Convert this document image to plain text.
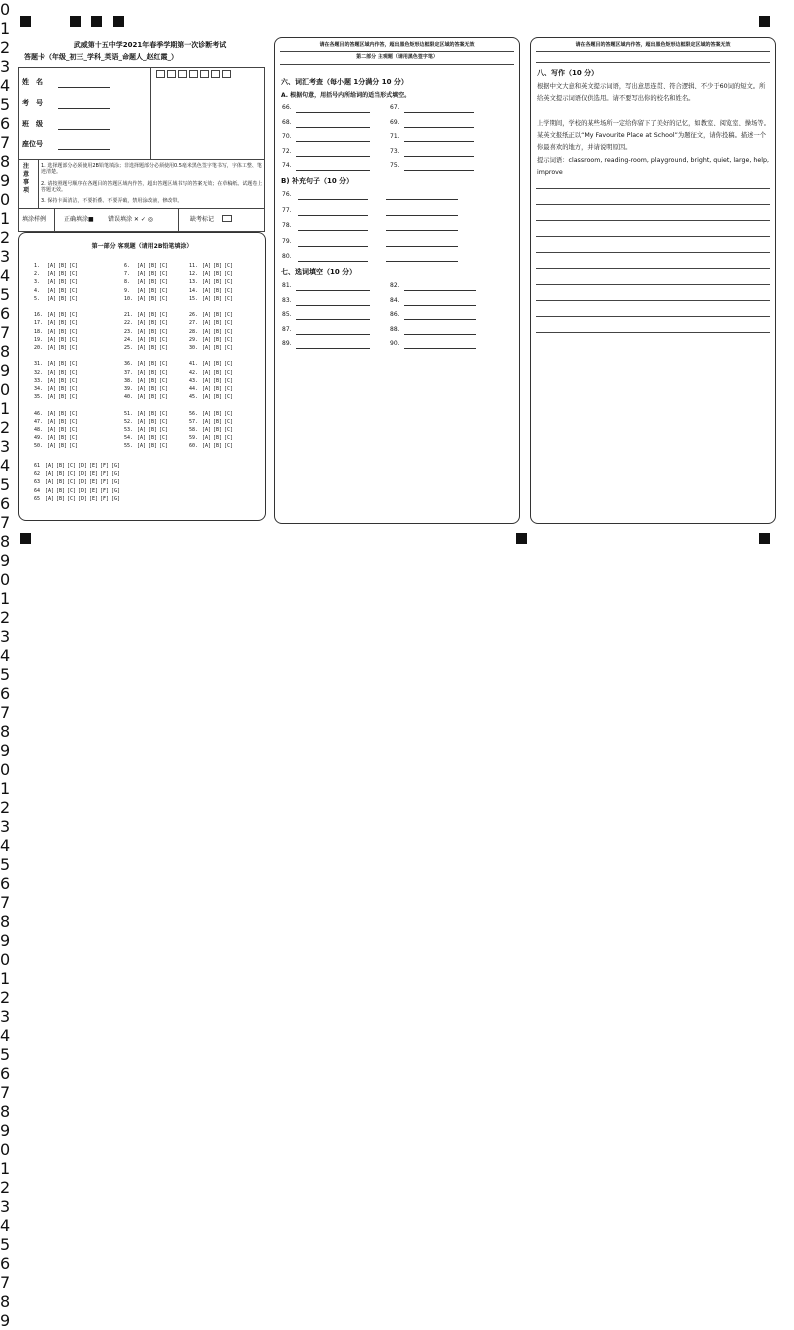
武威第十五中学2021年春季学期第一次诊断考试
答题卡（年级_初三_学科_英语_命题人_赵红霞_）
姓　名
考　号
班　级
座位号
注意事项
1. 选择题部分必须使用2B铅笔填涂；非选择题部分必须使用0.5毫米黑色签字笔书写，字体工整、笔迹清楚。
2. 请按照题号顺序在各题目的答题区域内作答，超出答题区域书写的答案无效；在草稿纸、试题卷上答题无效。
3. 保持卡面清洁，不要折叠、不要弄破，禁用涂改液，修改带。
填涂样例	正确填涂■ 错误填涂 ✕ ✓ ◎	缺考标记
第一部分 客观题（请用2B铅笔填涂）
请在各题目的答题区域内作答，超出黑色矩形边框限定区域的答案无效
第二部分 主观题（请用黑色签字笔）
六、词汇考查（每小题 1分满分 10 分）
A. 根据句意，用括号内所给词的适当形式填空。
B) 补充句子（10 分）
七、选词填空（10 分）
请在各题目的答题区域内作答，超出黑色矩形边框限定区域的答案无效
八、写作（10 分）
根据中文大意和英文提示词语，写出意思连贯、符合逻辑、不少于60词的短文。所给英文提示词语仅供选用。请不要写出你的校名和姓名。
上学期间，学校的某些场所一定给你留下了美好的记忆，如教室、阅览室、操场等。某英文报纸正以“My Favourite Place at School”为题征文，请你投稿。描述一个你最喜欢的地方，并请说明原因。
提示词语：classroom, reading-room, playground, bright, quiet, large, help, improve
0
1
2
3
4
5
6
7
8
9
0
1
2
3
4
5
6
7
8
9
0
1
2
3
4
5
6
7
8
9
0
1
2
3
4
5
6
7
8
9
0
1
2
3
4
5
6
7
8
9
0
1
2
3
4
5
6
7
8
9
0
1
2
3
4
5
6
7
8
9
1. [A] [B] [C]
2. [A] [B] [C]
3. [A] [B] [C]
4. [A] [B] [C]
5. [A] [B] [C]
16. [A] [B] [C]
17. [A] [B] [C]
18. [A] [B] [C]
19. [A] [B] [C]
20. [A] [B] [C]
31. [A] [B] [C]
32. [A] [B] [C]
33. [A] [B] [C]
34. [A] [B] [C]
35. [A] [B] [C]
46. [A] [B] [C]
47. [A] [B] [C]
48. [A] [B] [C]
49. [A] [B] [C]
50. [A] [B] [C]
6. [A] [B] [C]
7. [A] [B] [C]
8. [A] [B] [C]
9. [A] [B] [C]
10. [A] [B] [C]
21. [A] [B] [C]
22. [A] [B] [C]
23. [A] [B] [C]
24. [A] [B] [C]
25. [A] [B] [C]
36. [A] [B] [C]
37. [A] [B] [C]
38. [A] [B] [C]
39. [A] [B] [C]
40. [A] [B] [C]
51. [A] [B] [C]
52. [A] [B] [C]
53. [A] [B] [C]
54. [A] [B] [C]
55. [A] [B] [C]
11. [A] [B] [C]
12. [A] [B] [C]
13. [A] [B] [C]
14. [A] [B] [C]
15. [A] [B] [C]
26. [A] [B] [C]
27. [A] [B] [C]
28. [A] [B] [C]
29. [A] [B] [C]
30. [A] [B] [C]
41. [A] [B] [C]
42. [A] [B] [C]
43. [A] [B] [C]
44. [A] [B] [C]
45. [A] [B] [C]
56. [A] [B] [C]
57. [A] [B] [C]
58. [A] [B] [C]
59. [A] [B] [C]
60. [A] [B] [C]
61 [A] [B] [C] [D] [E] [F] [G]
62 [A] [B] [C] [D] [E] [F] [G]
63 [A] [B] [C] [D] [E] [F] [G]
64 [A] [B] [C] [D] [E] [F] [G]
65 [A] [B] [C] [D] [E] [F] [G]
66.	67.
68.	69.
70.	71.
72.	73.
74.	75.
76.
77.
78.
79.
80.
81.	82.
83.	84.
85.	86.
87.	88.
89.	90.
